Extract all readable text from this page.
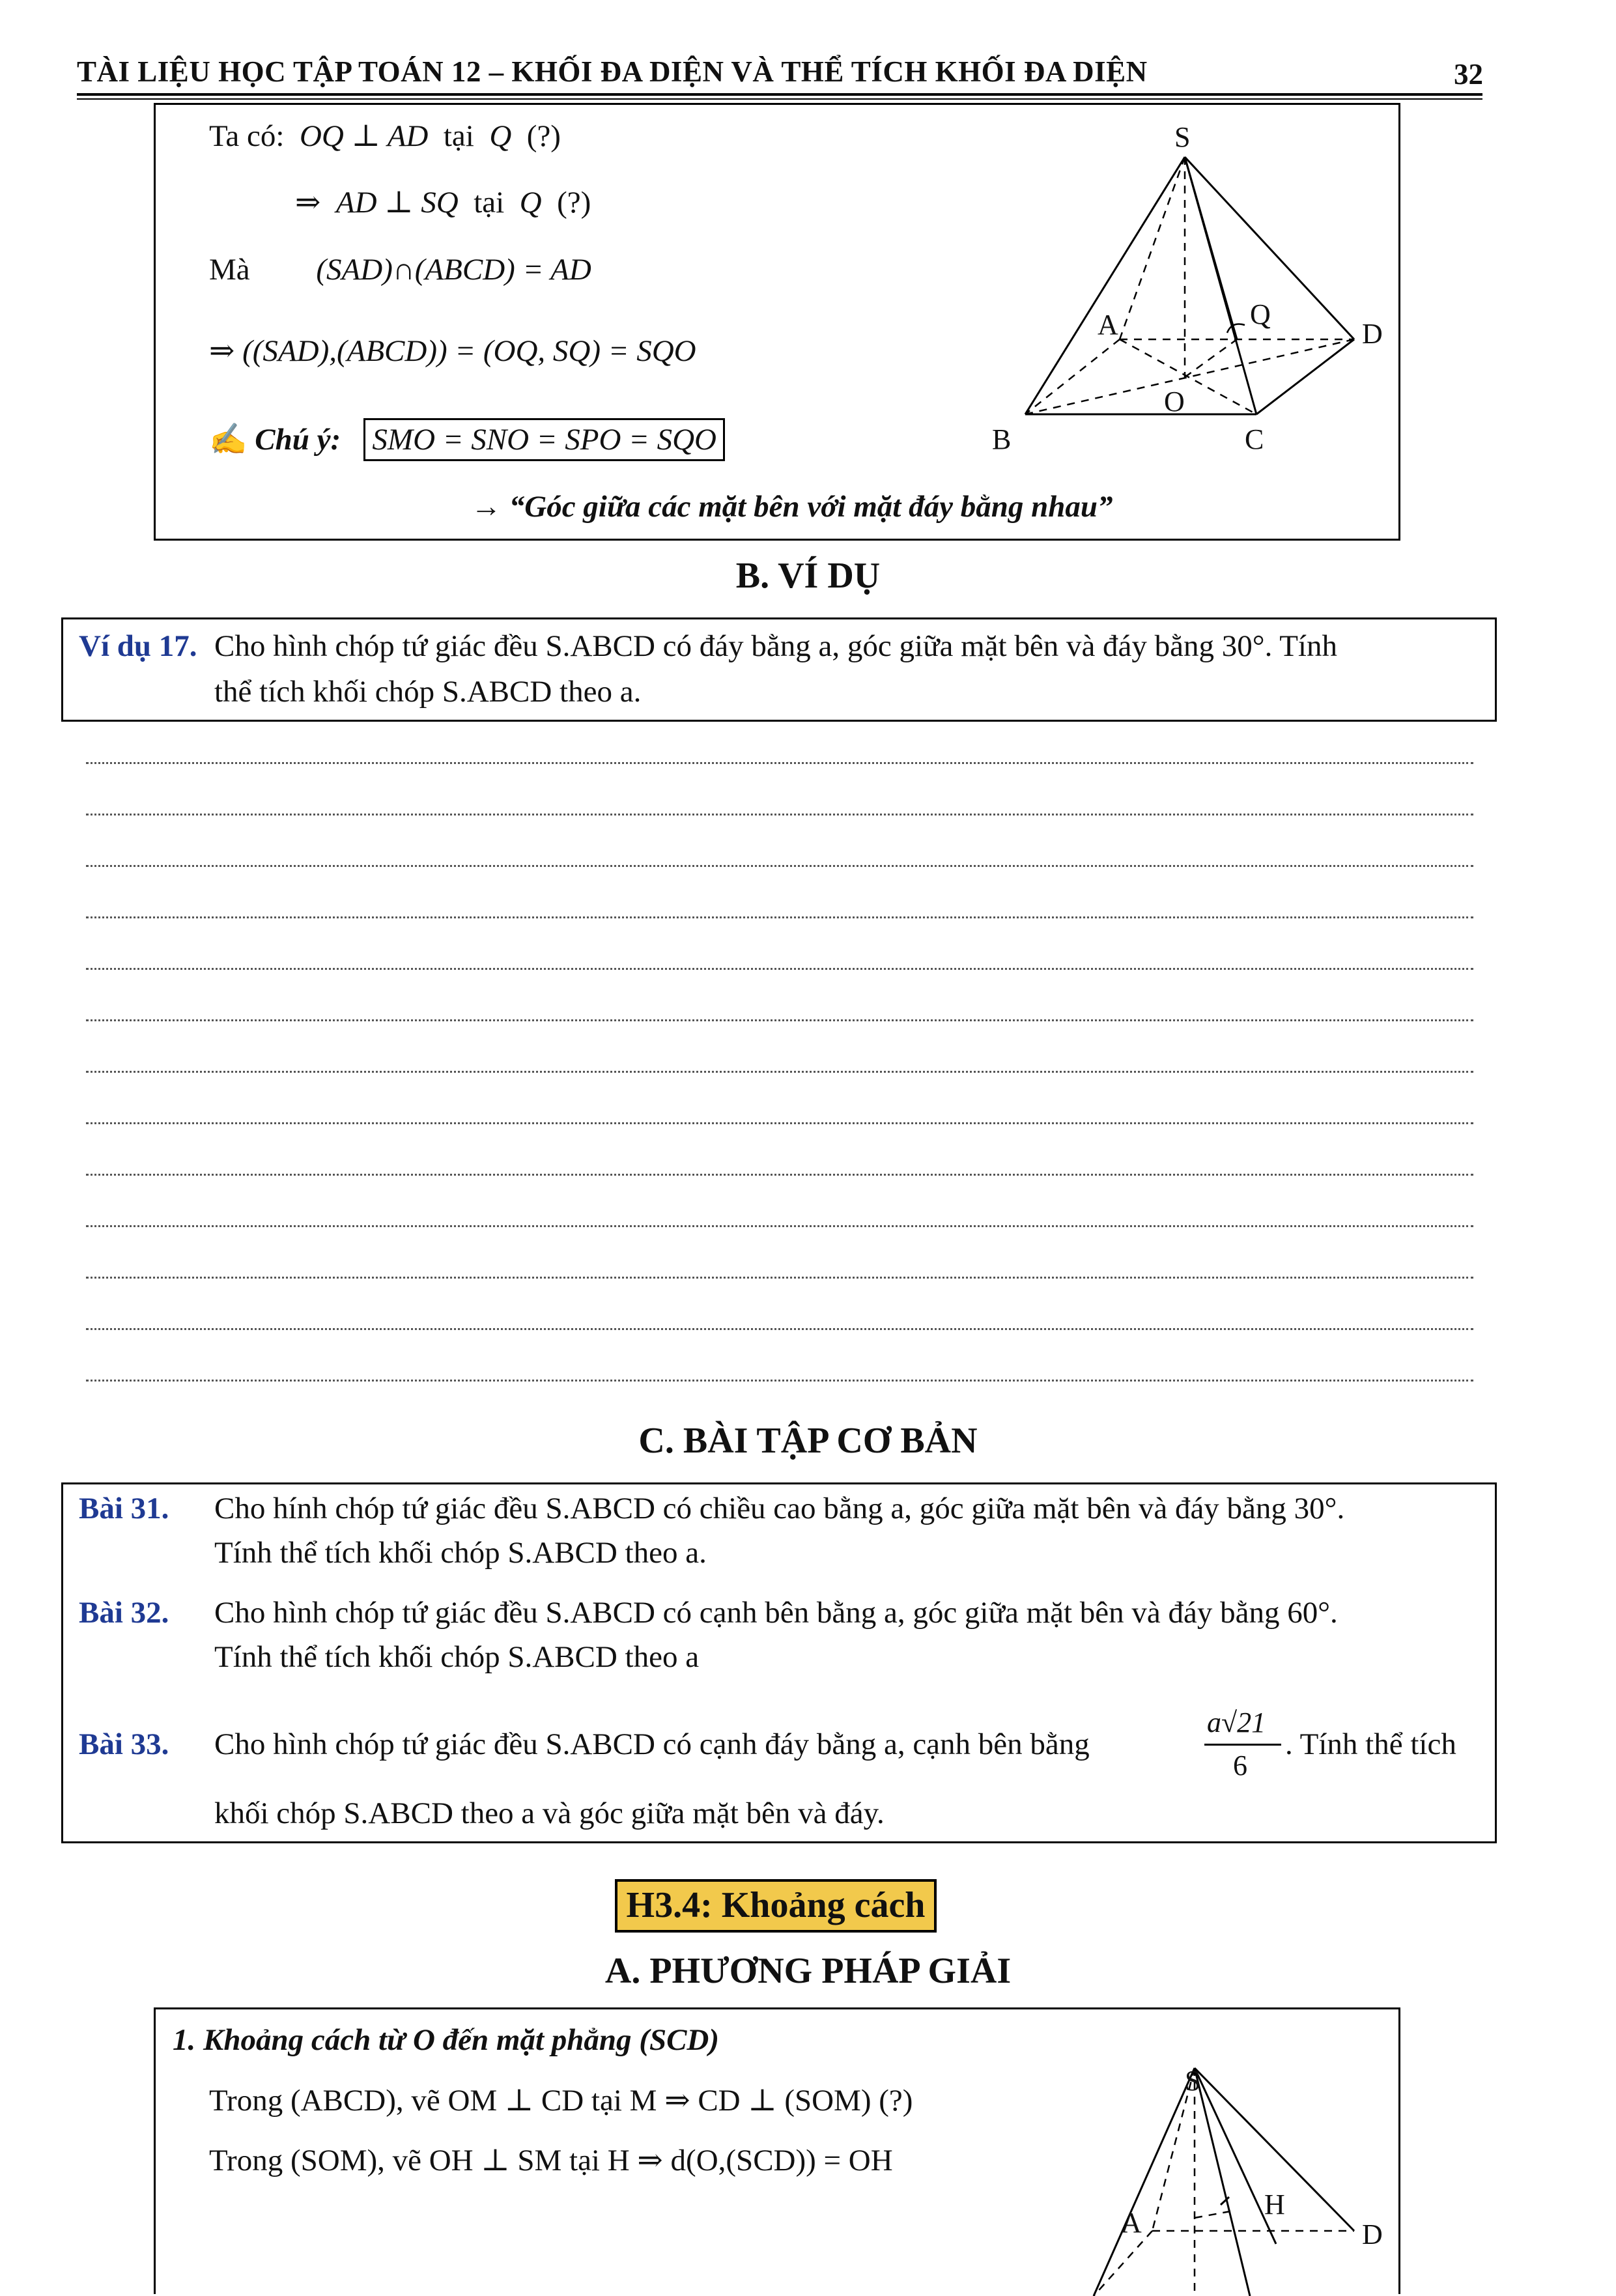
TÀI LIỆU HỌC TẬP TOÁN 12 – KHỐI ĐA DIỆN VÀ THỂ TÍCH KHỐI ĐA DIỆN	32
Ta có: OQ ⊥ AD tại Q (?)
⇒ AD ⊥ SQ tại Q (?)
Mà (SAD)∩(ABCD) = AD
⇒ ((SAD),(ABCD)) = (OQ, SQ) = SQO
✍ Chú ý: SMO = SNO = SPO = SQO
→ “Góc giữa các mặt bên với mặt đáy bằng nhau”
S
A	Q
D
O
B	C
B. VÍ DỤ
Ví dụ 17. Cho hình chóp tứ giác đều S.ABCD có đáy bằng a, góc giữa mặt bên và đáy bằng 30°. Tính
thể tích khối chóp S.ABCD theo a.
C. BÀI TẬP CƠ BẢN
Bài 31. Cho hính chóp tứ giác đều S.ABCD có chiều cao bằng a, góc giữa mặt bên và đáy bằng 30°.
Tính thể tích khối chóp S.ABCD theo a.
Bài 32. Cho hình chóp tứ giác đều S.ABCD có cạnh bên bằng a, góc giữa mặt bên và đáy bằng 60°.
Tính thể tích khối chóp S.ABCD theo a
Bài 33. Cho hình chóp tứ giác đều S.ABCD có cạnh đáy bằng a, cạnh bên bằng
a√21
6
. Tính thể tích
khối chóp S.ABCD theo a và góc giữa mặt bên và đáy.
H3.4: Khoảng cách
A. PHƯƠNG PHÁP GIẢI
1. Khoảng cách từ O đến mặt phẳng (SCD)
Trong (ABCD), vẽ OM ⊥ CD tại M ⇒ CD ⊥ (SOM) (?)
Trong (SOM), vẽ OH ⊥ SM tại H ⇒ d(O,(SCD)) = OH
S
H
A	D
